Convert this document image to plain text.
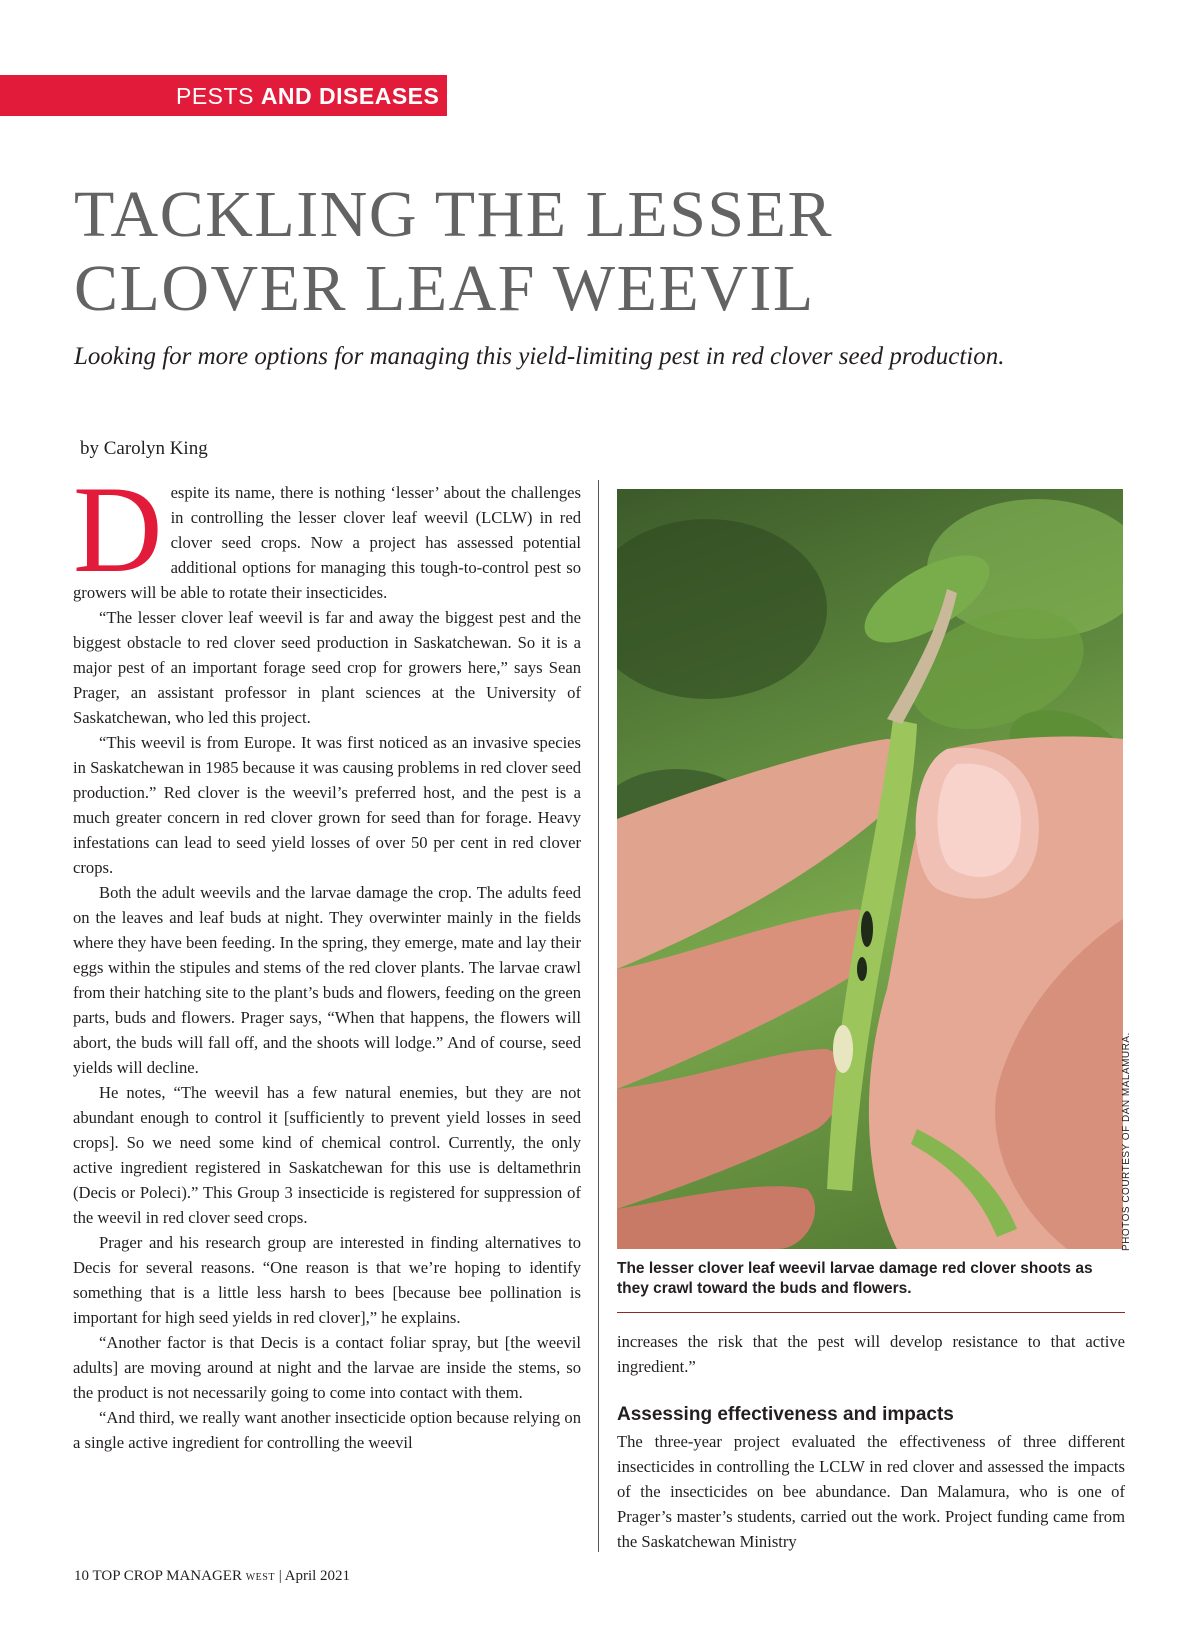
PESTS AND DISEASES
TACKLING THE LESSER
CLOVER LEAF WEEVIL
Looking for more options for managing this yield-limiting pest in red clover seed production.
by Carolyn King

Despite its name, there is nothing ‘lesser’ about the challenges in controlling the lesser clover leaf weevil (LCLW) in red clover seed crops. Now a project has assessed potential additional options for managing this tough-to-control pest so growers will be able to rotate their insecticides.

“The lesser clover leaf weevil is far and away the biggest pest and the biggest obstacle to red clover seed production in Saskatchewan. So it is a major pest of an important forage seed crop for growers here,” says Sean Prager, an assistant professor in plant sciences at the University of Saskatchewan, who led this project.

“This weevil is from Europe. It was first noticed as an invasive species in Saskatchewan in 1985 because it was causing problems in red clover seed production.” Red clover is the weevil’s preferred host, and the pest is a much greater concern in red clover grown for seed than for forage. Heavy infestations can lead to seed yield losses of over 50 per cent in red clover crops.

Both the adult weevils and the larvae damage the crop. The adults feed on the leaves and leaf buds at night. They overwinter mainly in the fields where they have been feeding. In the spring, they emerge, mate and lay their eggs within the stipules and stems of the red clover plants. The larvae crawl from their hatching site to the plant’s buds and flowers, feeding on the green parts, buds and flowers. Prager says, “When that happens, the flowers will abort, the buds will fall off, and the shoots will lodge.” And of course, seed yields will decline.

He notes, “The weevil has a few natural enemies, but they are not abundant enough to control it [sufficiently to prevent yield losses in seed crops]. So we need some kind of chemical control. Currently, the only active ingredient registered in Saskatchewan for this use is deltamethrin (Decis or Poleci).” This Group 3 insecticide is registered for suppression of the weevil in red clover seed crops.

Prager and his research group are interested in finding alternatives to Decis for several reasons. “One reason is that we’re hoping to identify something that is a little less harsh to bees [because bee pollination is important for high seed yields in red clover],” he explains.

“Another factor is that Decis is a contact foliar spray, but [the weevil adults] are moving around at night and the larvae are inside the stems, so the product is not necessarily going to come into contact with them.

“And third, we really want another insecticide option because relying on a single active ingredient for controlling the weevil

PHOTOS COURTESY OF DAN MALAMURA.
The lesser clover leaf weevil larvae damage red clover shoots as they crawl toward the buds and flowers.

increases the risk that the pest will develop resistance to that active ingredient.”

Assessing effectiveness and impacts

The three-year project evaluated the effectiveness of three different insecticides in controlling the LCLW in red clover and assessed the impacts of the insecticides on bee abundance. Dan Malamura, who is one of Prager’s master’s students, carried out the work. Project funding came from the Saskatchewan Ministry

10 TOP CROP MANAGER WEST | April 2021
